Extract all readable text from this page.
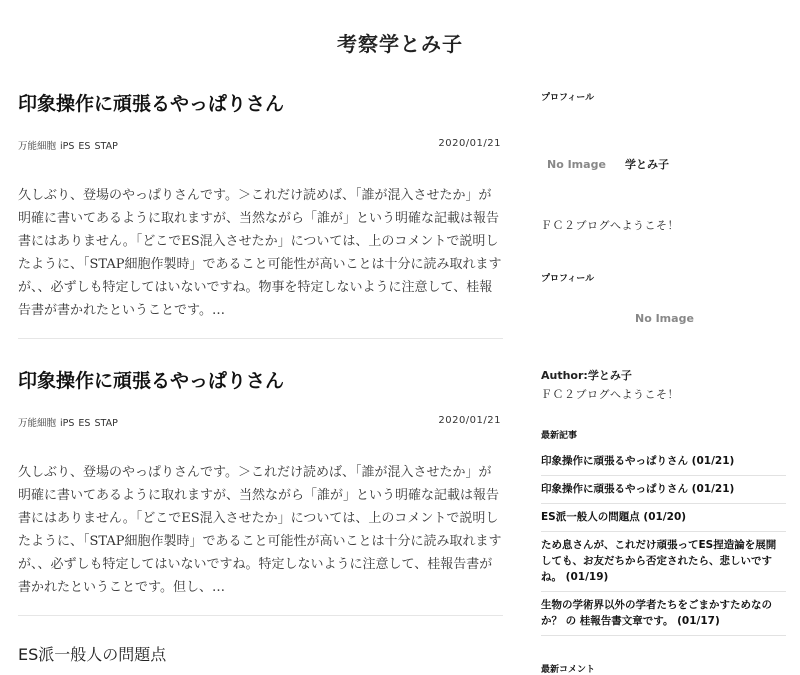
考察学とみ子
印象操作に頑張るやっぱりさん
万能細胞 iPS ES STAP	2020/01/21
久しぶり、登場のやっぱりさんです。＞これだけ読めば、「誰が混入させたか」が
明確に書いてあるように取れますが、当然ながら「誰が」という明確な記載は報告
書にはありません。「どこでES混入させたか」については、上のコメントで説明し
たように、「STAP細胞作製時」であること可能性が高いことは十分に読み取れます
が、、必ずしも特定してはいないですね。物事を特定しないように注意して、桂報
告書が書かれたということです。…
印象操作に頑張るやっぱりさん
万能細胞 iPS ES STAP	2020/01/21
久しぶり、登場のやっぱりさんです。＞これだけ読めば、「誰が混入させたか」が
明確に書いてあるように取れますが、当然ながら「誰が」という明確な記載は報告
書にはありません。「どこでES混入させたか」については、上のコメントで説明し
たように、「STAP細胞作製時」であること可能性が高いことは十分に読み取れます
が、、必ずしも特定してはいないですね。特定しないように注意して、桂報告書が
書かれたということです。但し、…
ES派一般人の問題点
プロフィール
No Image 学とみ子
ＦＣ２ブログへようこそ！
プロフィール
No Image
Author:学とみ子
ＦＣ２ブログへようこそ！
最新記事
印象操作に頑張るやっぱりさん (01/21)
印象操作に頑張るやっぱりさん (01/21)
ES派一般人の問題点 (01/20)
ため息さんが、これだけ頑張ってES捏造論を展開しても、お友だちから否定されたら、悲しいですね。 (01/19)
生物の学術界以外の学者たちをごまかすためなのか？ の 桂報告書文章です。 (01/17)
最新コメント
